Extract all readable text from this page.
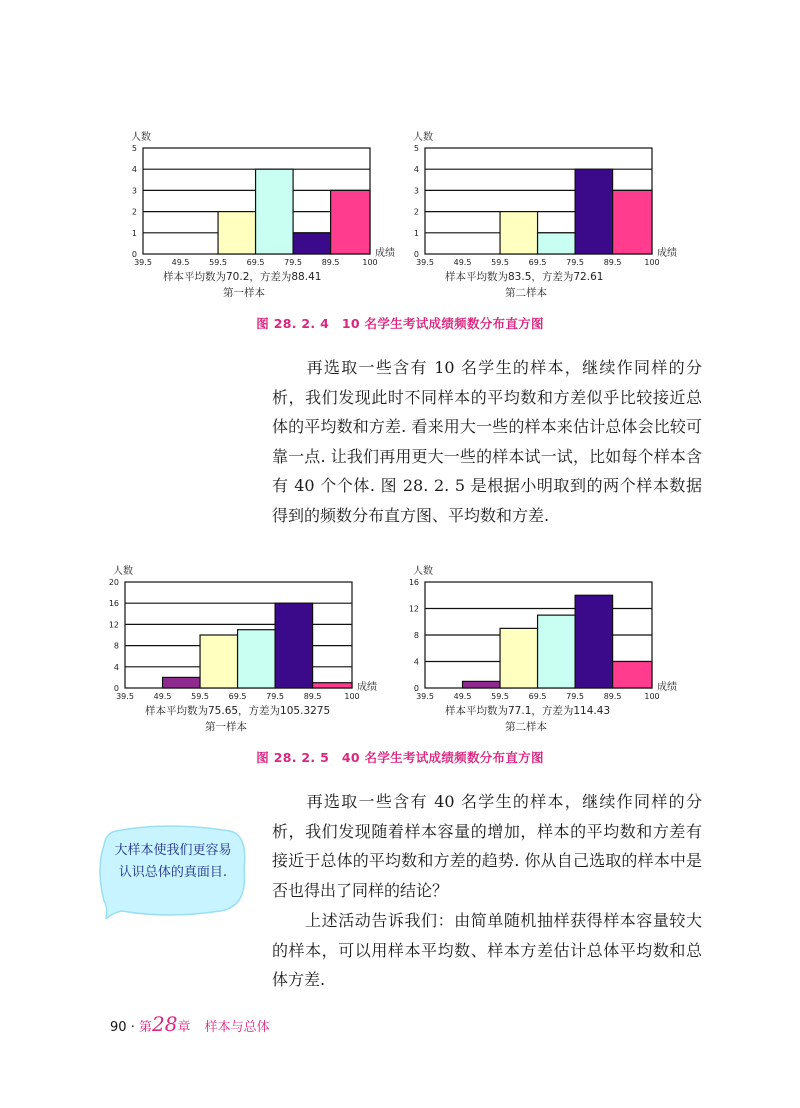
0
1
2
3
4
5
39.5 49.5 59.5 69.5 79.5 89.5	100
人数
成绩
样本平均数为70.2，方差为88.41
第一样本
0
1
2
3
4
5
39.5 49.5 59.5 69.5 79.5 89.5	100
人数
成绩
样本平均数为83.5，方差为72.61
第二样本
图 28. 2. 4　10 名学生考试成绩频数分布直方图

　　再选取一些含有 10 名学生的样本，继续作同样的分析，我们发现此时不同样本的平均数和方差似乎比较接近总体的平均数和方差. 看来用大一些的样本来估计总体会比较可靠一点. 让我们再用更大一些的样本试一试，比如每个样本含有 40 个个体. 图 28. 2. 5 是根据小明取到的两个样本数据得到的频数分布直方图、平均数和方差.

0
4
8
12
16
20
39.5 49.5 59.5 69.5 79.5 89.5	100
人数
成绩
样本平均数为75.65，方差为105.3275
第一样本
0
4
8
12
16
39.5 49.5 59.5 69.5 79.5 89.5	100
人数
成绩
样本平均数为77.1，方差为114.43
第二样本
图 28. 2. 5　40 名学生考试成绩频数分布直方图

　　再选取一些含有 40 名学生的样本，继续作同样的分析，我们发现随着样本容量的增加，样本的平均数和方差有接近于总体的平均数和方差的趋势. 你从自己选取的样本中是否也得出了同样的结论？

　　上述活动告诉我们：由简单随机抽样获得样本容量较大的样本，可以用样本平均数、样本方差估计总体平均数和总体方差.

大样本使我们更容易认识总体的真面目.

90 · 第28章 样本与总体
